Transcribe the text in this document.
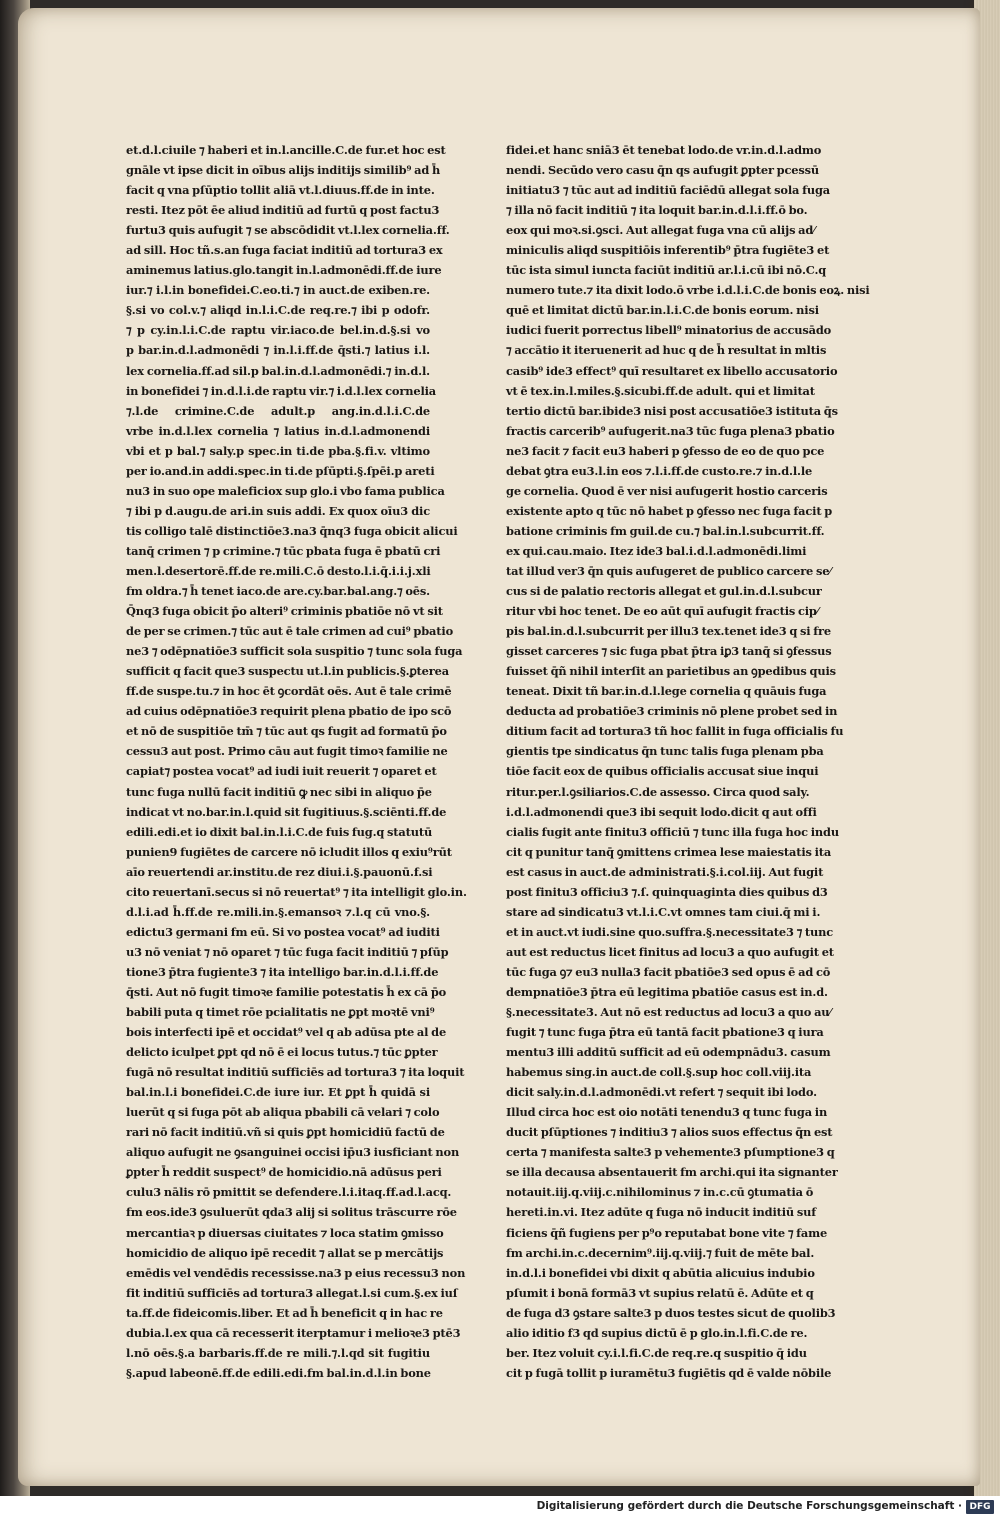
et.d.l.ciuile ⁊ haberi et in.l.ancille.C.de fur.et hoc est
gnāle vt ipse dicit in oībus alijs inditijs similib⁹ ad h̄
facit q vna pſūptio tollit aliā vt.l.diuus.ff.de in inte.
resti. Itez pōt ēe aliud inditiū ad furtū q post factu3
furtu3 quis aufugit ⁊ se abscōdidit vt.l.lex cornelia.ff.
ad sill. Hoc tñ.s.an fuga faciat inditiū ad tortura3 ex
aminemus latius.glo.tangit in.l.admonēdi.ff.de iure
iur.⁊ i.l.in bonefidei.C.eo.ti.⁊ in auct.de exiben.re.
§.si vo col.v.⁊ aliqd in.l.i.C.de req.re.⁊ ibi p odofr.
⁊ p cy.in.l.i.C.de raptu vir.iaco.de bel.in.d.§.si vo
p bar.in.d.l.admonēdi ⁊ in.l.i.ff.de q̄sti.⁊ latius i.l.
lex cornelia.ff.ad sil.p bal.in.d.l.admonēdi.⁊ in.d.l.
in bonefidei ⁊ in.d.l.i.de raptu vir.⁊ i.d.l.lex cornelia
⁊.l.de crimine.C.de adult.p ang.in.d.l.i.C.de
vrbe in.d.l.lex cornelia ⁊ latius in.d.l.admonendi
vbi et p bal.⁊ saly.p spec.in ti.de pba.§.fi.v. vltimo
per io.and.in addi.spec.in ti.de pſūpti.§.ſpēi.p areti
nu3 in suo ope maleficiox sup glo.i vbo fama publica
⁊ ibi p d.augu.de ari.in suis addi. Ex quox oīu3 dic
tis colligo talē distinctiōe3.na3 q̄nq3 fuga obicit alicui
tanq̄ crimen ⁊ p crimine.⁊ tūc pbata fuga ē pbatū cri
men.l.desertorē.ff.de re.mili.C.ō desto.l.i.q̄.i.i.j.xli
fm oldra.⁊ h̄ tenet iaco.de are.cy.bar.bal.ang.⁊ oēs.
Q̄nq3 fuga obicit p̄o alteri⁹ criminis pbatiōe nō vt sit
de per se crimen.⁊ tūc aut ē tale crimen ad cui⁹ pbatio
ne3 ⁊ odēpnatiōe3 sufficit sola suspitio ⁊ tunc sola fuga
sufficit q facit que3 suspectu ut.l.in publicis.§.ꝑterea
ff.de suspe.tu.⁊ in hoc ēt ꝯcordāt oēs. Aut ē tale crimē
ad cuius odēpnatiōe3 requirit plena pbatio de ipo scō
et nō de suspitiōe tm̄ ⁊ tūc aut qs fugit ad formatū p̄o
cessu3 aut post. Primo cāu aut fugit timoꝛ familie ne
capiat⁊ postea vocat⁹ ad iudi iuit reuerit ⁊ oparet et
tunc fuga nullū facit inditiū ꝙ nec sibi in aliquo p̄e
indicat vt no.bar.in.l.quid sit fugitiuus.§.sciēnti.ff.de
edili.edi.et io dixit bal.in.l.i.C.de fuis fug.q statutū
punien9 fugiētes de carcere nō icludit illos q exiu⁹rūt
aīo reuertendi ar.institu.de rez diui.i.§.pauonū.f.si
cito reuertanī.secus si nō reuertat⁹ ⁊ ita intelligit glo.in.
d.l.i.ad h̄.ff.de re.mili.in.§.emansoꝛ ⁊.l.q cū vno.§.
edictu3 germani fm eū. Si vo postea vocat⁹ ad iuditi
u3 nō veniat ⁊ nō oparet ⁊ tūc fuga facit inditiū ⁊ pſūp
tione3 p̄tra fugiente3 ⁊ ita intelligo bar.in.d.l.i.ff.de
q̄sti. Aut nō fugit timoꝛe familie potestatis h̄ ex cā p̄o
babili puta q timet rōe pcialitatis ne ꝑpt moꝛtē vni⁹
bois interfecti ipē et occidat⁹ vel q ab adūsa pte al de
delicto iculpet ꝑpt qd nō ē ei locus tutus.⁊ tūc ꝑpter
fugā nō resultat inditiū sufficiēs ad tortura3 ⁊ ita loquit
bal.in.l.i bonefidei.C.de iure iur. Et ꝑpt h̄ quidā si
luerūt q si fuga pōt ab aliqua pbabili cā velari ⁊ colo
rari nō facit inditiū.vñ si quis ꝑpt homicidiū factū de
aliquo aufugit ne ꝯsanguinei occisi ip̄u3 iusficiant non
ꝑpter h̄ reddit suspect⁹ de homicidio.nā adūsus peri
culu3 nālis rō pmittit se defendere.l.i.itaq.ff.ad.l.acq.
fm eos.ide3 ꝯsuluerūt qda3 alij si solitus trāscurre rōe
mercantiaꝛ p diuersas ciuitates ⁊ loca statim ꝯmisso
homicidio de aliquo ipē recedit ⁊ allat se p mercātijs
emēdis vel vendēdis recessisse.na3 p eius recessu3 non
fit inditiū sufficiēs ad tortura3 allegat.l.si cum.§.ex iuſ
ta.ff.de fideicomis.liber. Et ad h̄ beneficit q in hac re
dubia.l.ex qua cā recesserit iterptamur i melioꝛe3 ptē3
l.nō oēs.§.a barbaris.ff.de re mili.⁊.l.qd sit fugitiu
§.apud labeonē.ff.de edili.edi.fm bal.in.d.l.in bone
fidei.et hanc sniā3 ēt tenebat lodo.de vr.in.d.l.admo
nendi. Secūdo vero casu q̄n qs aufugit ꝑpter pcessū
initiatu3 ⁊ tūc aut ad inditiū faciēdū allegat sola fuga
⁊ illa nō facit inditiū ⁊ ita loquit bar.in.d.l.i.ff.ō bo.
eox qui moꝛ.si.ꝯsci. Aut allegat fuga vna cū alijs ad⁄
miniculis aliqd suspitiōis inferentib⁹ p̄tra fugiēte3 et
tūc ista simul iuncta faciūt inditiū ar.l.i.cū ibi nō.C.q
numero tute.⁊ ita dixit lodo.ō vrbe i.d.l.i.C.de bonis eoꝝ. nisi
quē et limitat dictū bar.in.l.i.C.de bonis eorum. nisi
iudici fuerit porrectus libell⁹ minatorius de accusādo
⁊ accātio it iteruenerit ad huc q de h̄ resultat in mltis
casib⁹ ide3 effect⁹ quī resultaret ex libello accusatorio
vt ē tex.in.l.miles.§.sicubi.ff.de adult. qui et limitat
tertio dictū bar.ibide3 nisi post accusatiōe3 istituta q̄s
fractis carcerib⁹ aufugerit.na3 tūc fuga plena3 pbatio
ne3 facit ⁊ facit eu3 haberi p ꝯfesso de eo de quo pce
debat ꝯtra eu3.l.in eos ⁊.l.i.ff.de custo.re.⁊ in.d.l.le
ge cornelia. Quod ē ver nisi aufugerit hostio carceris
existente apto q tūc nō habet p ꝯfesso nec fuga facit p
batione criminis fm guil.de cu.⁊ bal.in.l.subcurrit.ff.
ex qui.cau.maio. Itez ide3 bal.i.d.l.admonēdi.limi
tat illud ver3 q̄n quis aufugeret de publico carcere se⁄
cus si de palatio rectoris allegat et gul.in.d.l.subcur
ritur vbi hoc tenet. De eo aūt quī aufugit fractis cip⁄
pis bal.in.d.l.subcurrit per illu3 tex.tenet ide3 q si fre
gisset carceres ⁊ sic fuga pbat p̄tra iꝑ3 tanq̄ si ꝯfessus
fuisset q̄ñ nihil interſit an parietibus an ꝯpedibus quis
teneat. Dixit tñ bar.in.d.l.lege cornelia q quāuis fuga
deducta ad probatiōe3 criminis nō plene probet sed in
ditium facit ad tortura3 tñ hoc fallit in fuga officialis fu
gientis tpe sindicatus q̄n tunc talis fuga plenam pba
tiōe facit eox de quibus officialis accusat siue inqui
ritur.per.l.ꝯsiliarios.C.de assesso. Circa quod saly.
i.d.l.admonendi que3 ibi sequit lodo.dicit q aut offi
cialis fugit ante finitu3 officiū ⁊ tunc illa fuga hoc indu
cit q punitur tanq̄ ꝯmittens crimea lese maiestatis ita
est casus in auct.de administrati.§.i.col.iij. Aut fugit
post finitu3 officiu3 ⁊.ſ. quinquaginta dies quibus d3
stare ad sindicatu3 vt.l.i.C.vt omnes tam ciui.q̄ mi i.
et in auct.vt iudi.sine quo.suffra.§.necessitate3 ⁊ tunc
aut est reductus licet finitus ad locu3 a quo aufugit et
tūc fuga ꝯ⁊ eu3 nulla3 facit pbatiōe3 sed opus ē ad cō
dempnatiōe3 p̄tra eū legitima pbatiōe casus est in.d.
§.necessitate3. Aut nō est reductus ad locu3 a quo au⁄
fugit ⁊ tunc fuga p̄tra eū tantā facit pbatione3 q iura
mentu3 illi additū sufficit ad eū odempnādu3. casum
habemus sing.in auct.de coll.§.sup hoc coll.viij.ita
dicit saly.in.d.l.admonēdi.vt refert ⁊ sequit ibi lodo.
Illud circa hoc est oio notāti tenendu3 q tunc fuga in
ducit pſūptiones ⁊ inditiu3 ⁊ alios suos effectus q̄n est
certa ⁊ manifesta salte3 p vehemente3 pſumptione3 q
se illa decausa absentauerit fm archi.qui ita signanter
notauit.iij.q.viij.c.nihilominus ⁊ in.c.cū ꝯtumatia ō
hereti.in.vi. Itez adūte q fuga nō inducit inditiū suf
ficiens q̄ñ fugiens per p⁹o reputabat bone vite ⁊ fame
fm archi.in.c.decernim⁹.iij.q.viij.⁊ fuit de mēte bal.
in.d.l.i bonefidei vbi dixit q abūtia alicuius indubio
pſumit i bonā formā3 vt supius relatū ē. Adūte et q
de fuga d3 ꝯstare salte3 p duos testes sicut de quolib3
alio iditio f3 qd supius dictū ē p glo.in.l.fi.C.de re.
ber. Itez voluit cy.i.l.fi.C.de req.re.q suspitio q̄ idu
cit p fugā tollit p iuramētu3 fugiētis qd ē valde nōbile
Digitalisierung gefördert durch die Deutsche Forschungsgemeinschaft · DFG
